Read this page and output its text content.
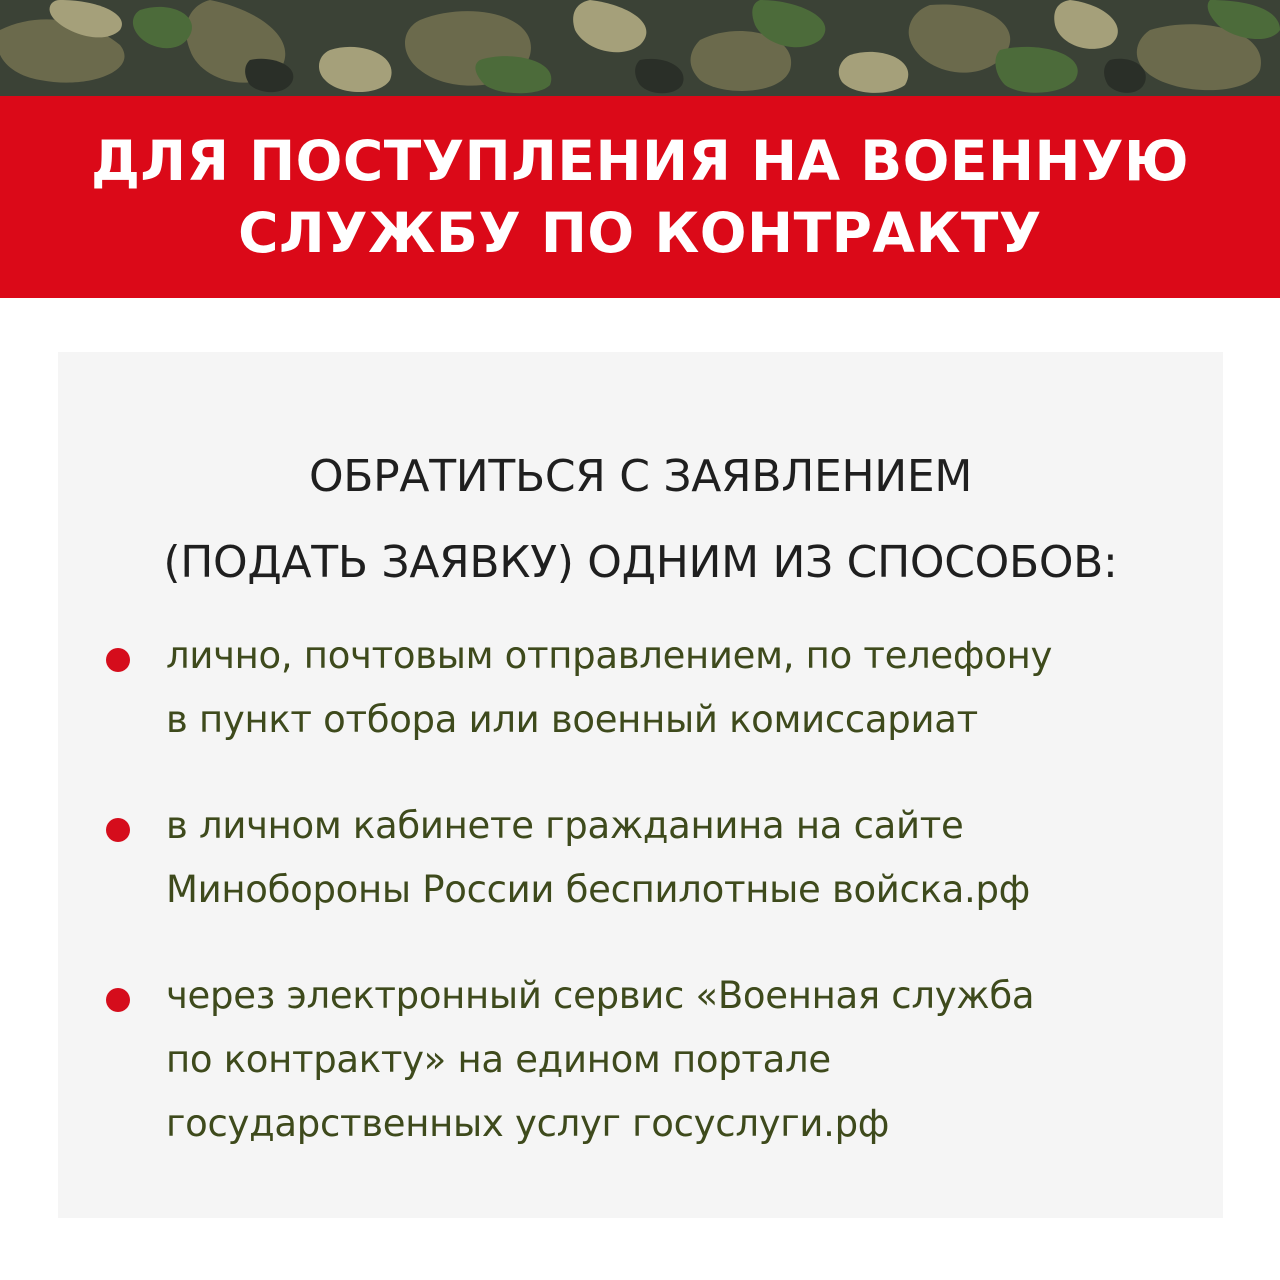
ДЛЯ ПОСТУПЛЕНИЯ НА ВОЕННУЮ
СЛУЖБУ ПО КОНТРАКТУ
ОБРАТИТЬСЯ С ЗАЯВЛЕНИЕМ
(ПОДАТЬ ЗАЯВКУ) ОДНИМ ИЗ СПОСОБОВ:
лично, почтовым отправлением, по телефону
в пункт отбора или военный комиссариат
в личном кабинете гражданина на сайте
Минобороны России беспилотные войска.рф
через электронный сервис «Военная служба
по контракту» на едином портале
государственных услуг госуслуги.рф
